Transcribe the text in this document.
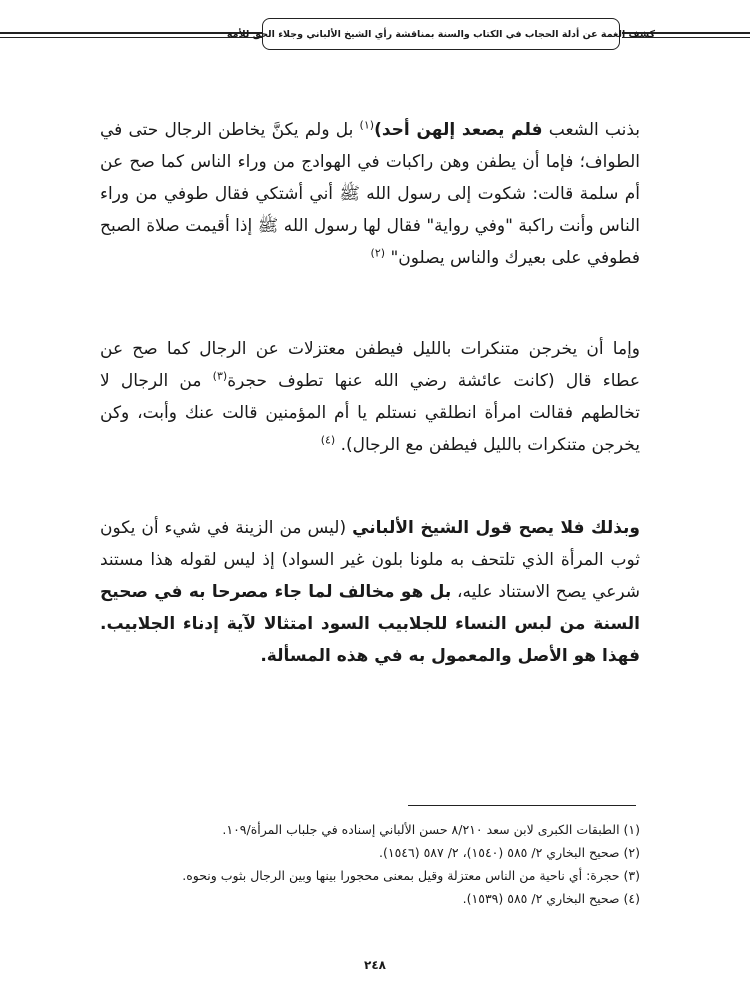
كشف الغمة عن أدلة الحجاب في الكتاب والسنة بمناقشة رأي الشيخ الألباني وجلاء الحق للأمة

بذنب الشعب فلم يصعد إلهن أحد)$^{(١)}$ بل ولم يكنَّ يخاطن الرجال حتى في الطواف؛ فإما أن يطفن وهن راكبات في الهوادج من وراء الناس كما صح عن أم سلمة قالت: شكوت إلى رسول الله ﷺ أني أشتكي فقال طوفي من وراء الناس وأنت راكبة "وفي رواية" فقال لها رسول الله ﷺ إذا أقيمت صلاة الصبح فطوفي على بعيرك والناس يصلون" $^{(٢)}$

وإما أن يخرجن متنكرات بالليل فيطفن معتزلات عن الرجال كما صح عن عطاء قال (كانت عائشة رضي الله عنها تطوف حجرة$^{(٣)}$ من الرجال لا تخالطهم فقالت امرأة انطلقي نستلم يا أم المؤمنين قالت عنك وأبت، وكن يخرجن متنكرات بالليل فيطفن مع الرجال). $^{(٤)}$

وبذلك فلا يصح قول الشيخ الألباني (ليس من الزينة في شيء أن يكون ثوب المرأة الذي تلتحف به ملونا بلون غير السواد) إذ ليس لقوله هذا مستند شرعي يصح الاستناد عليه، بل هو مخالف لما جاء مصرحا به في صحيح السنة من لبس النساء للجلابيب السود امتثالا لآية إدناء الجلابيب. فهذا هو الأصل والمعمول به في هذه المسألة.

(١) الطبقات الكبرى لابن سعد ٨/٢١٠ حسن الألباني إسناده في جلباب المرأة/١٠٩.
(٢) صحيح البخاري ٢/ ٥٨٥ (١٥٤٠)، ٢/ ٥٨٧ (١٥٤٦).
(٣) حجرة: أي ناحية من الناس معتزلة وقيل بمعنى محجورا بينها وبين الرجال بثوب ونحوه.
(٤) صحيح البخاري ٢/ ٥٨٥ (١٥٣٩).
٢٤٨
